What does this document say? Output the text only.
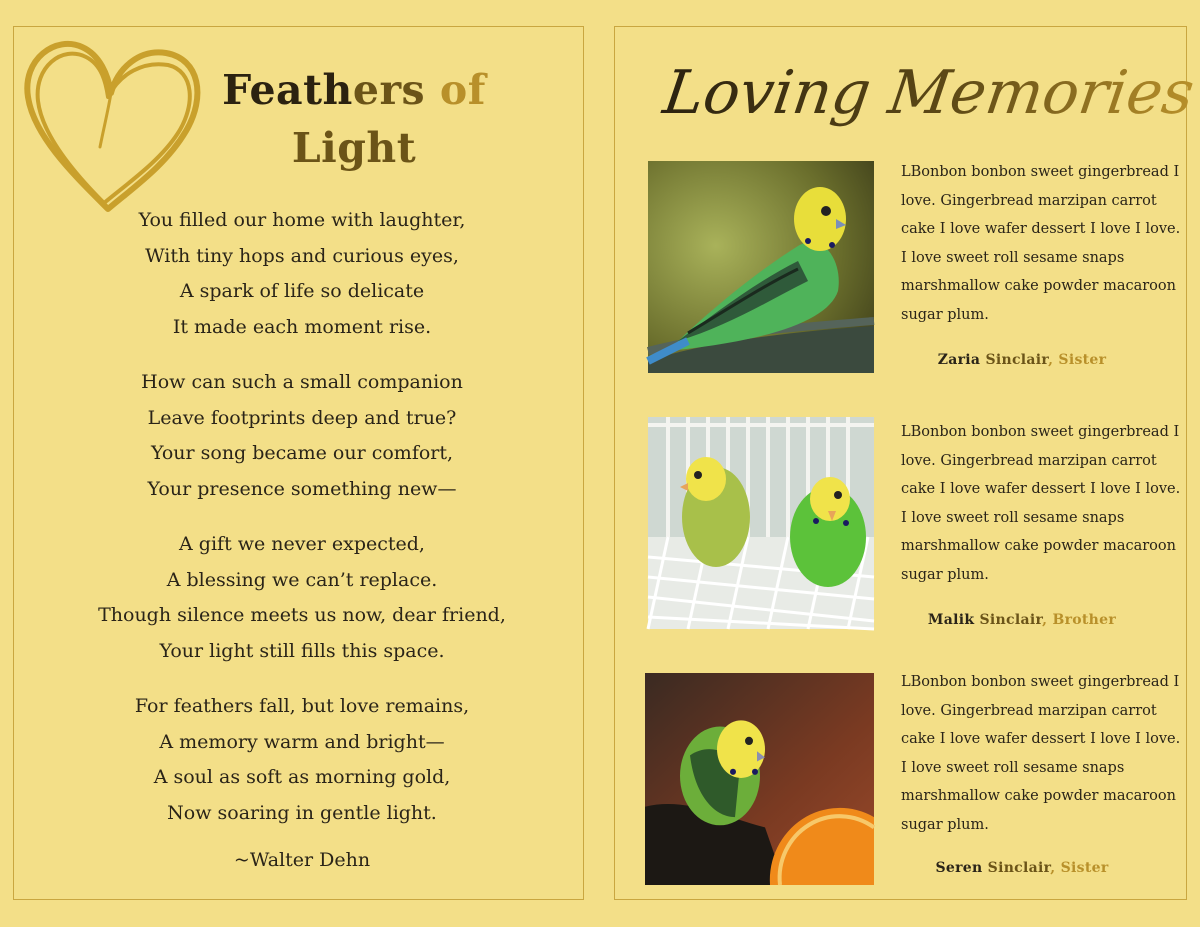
Feathers of
Light
You filled our home with laughter,
With tiny hops and curious eyes,
A spark of life so delicate
It made each moment rise.
How can such a small companion
Leave footprints deep and true?
Your song became our comfort,
Your presence something new—
A gift we never expected,
A blessing we can’t replace.
Though silence meets us now, dear friend,
Your light still fills this space.
For feathers fall, but love remains,
A memory warm and bright—
A soul as soft as morning gold,
Now soaring in gentle light.
~Walter Dehn
Loving Memories

LBonbon bonbon sweet gingerbread I love. Gingerbread marzipan carrot cake I love wafer dessert I love I love. I love sweet roll sesame snaps marshmallow cake powder macaroon sugar plum.

Zaria Sinclair, Sister

LBonbon bonbon sweet gingerbread I love. Gingerbread marzipan carrot cake I love wafer dessert I love I love. I love sweet roll sesame snaps marshmallow cake powder macaroon sugar plum.

Malik Sinclair, Brother

LBonbon bonbon sweet gingerbread I love. Gingerbread marzipan carrot cake I love wafer dessert I love I love. I love sweet roll sesame snaps marshmallow cake powder macaroon sugar plum.

Seren Sinclair, Sister
